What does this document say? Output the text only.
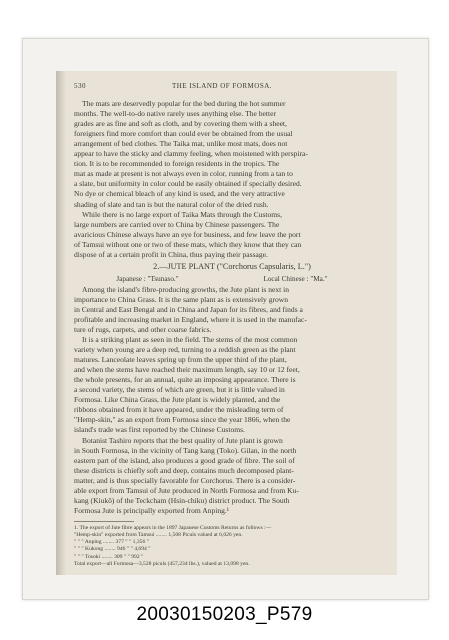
530	THE ISLAND OF FORMOSA.
The mats are deservedly popular for the bed during the hot summer
months. The well-to-do native rarely uses anything else. The better
grades are as fine and soft as cloth, and by covering them with a sheet,
foreigners find more comfort than could ever be obtained from the usual
arrangement of bed clothes. The Taika mat, unlike most mats, does not
appear to have the sticky and clammy feeling, when moistened with perspira-
tion. It is to be recommended to foreign residents in the tropics. The
mat as made at present is not always even in color, running from a tan to
a slate, but uniformity in color could be easily obtained if specially desired.
No dye or chemical bleach of any kind is used, and the very attractive
shading of slate and tan is but the natural color of the dried rush.
While there is no large export of Taika Mats through the Customs,
large numbers are carried over to China by Chinese passengers. The
avaricious Chinese always have an eye for business, and few leave the port
of Tamsui without one or two of these mats, which they know that they can
dispose of at a certain profit in China, thus paying their passage.
2.—JUTE PLANT ("Corchorus Capsularis, L.")
Japanese : "Tsunaso."	Local Chinese : "Ma."
Among the island's fibre-producing growths, the Jute plant is next in
importance to China Grass. It is the same plant as is extensively grown
in Central and East Bengal and in China and Japan for its fibres, and finds a
profitable and increasing market in England, where it is used in the manufac-
ture of rugs, carpets, and other coarse fabrics.
It is a striking plant as seen in the field. The stems of the most common
variety when young are a deep red, turning to a reddish green as the plant
matures. Lanceolate leaves spring up from the upper third of the plant,
and when the stems have reached their maximum length, say 10 or 12 feet,
the whole presents, for an annual, quite an imposing appearance. There is
a second variety, the stems of which are green, but it is little valued in
Formosa. Like China Grass, the Jute plant is widely planted, and the
ribbons obtained from it have appeared, under the misleading term of
"Hemp-skin," as an export from Formosa since the year 1866, when the
island's trade was first reported by the Chinese Customs.
Botanist Tashiro reports that the best quality of Jute plant is grown
in South Formosa, in the vicinity of Tang kang (Toko). Gilan, in the north
eastern part of the island, also produces a good grade of fibre. The soil of
these districts is chiefly soft and deep, contains much decomposed plant-
matter, and is thus specially favorable for Corchorus. There is a consider-
able export from Tamsui of Jute produced in North Formosa and from Ku-
kang (Kiukō) of the Teckcham (Hsin-chiku) district product. The South
Formosa Jute is principally exported from Anping.¹
1. The export of Jute fibre appears in the 1897 Japanese Customs Returns as follows :—
"Hemp-skin" exported from Tamsui ........ 1,508 Piculs valued at 6,026 yen.
" " " Anping ........ 377 " " 1,356 "
" " " Kukong ........ 946 " " 4,694 "
" " " Tosoki ........ 309 " " 992 "
Total export—all Formosa—3,528 piculs (457,234 lbs.), valued at 13,098 yen.
20030150203_P579
